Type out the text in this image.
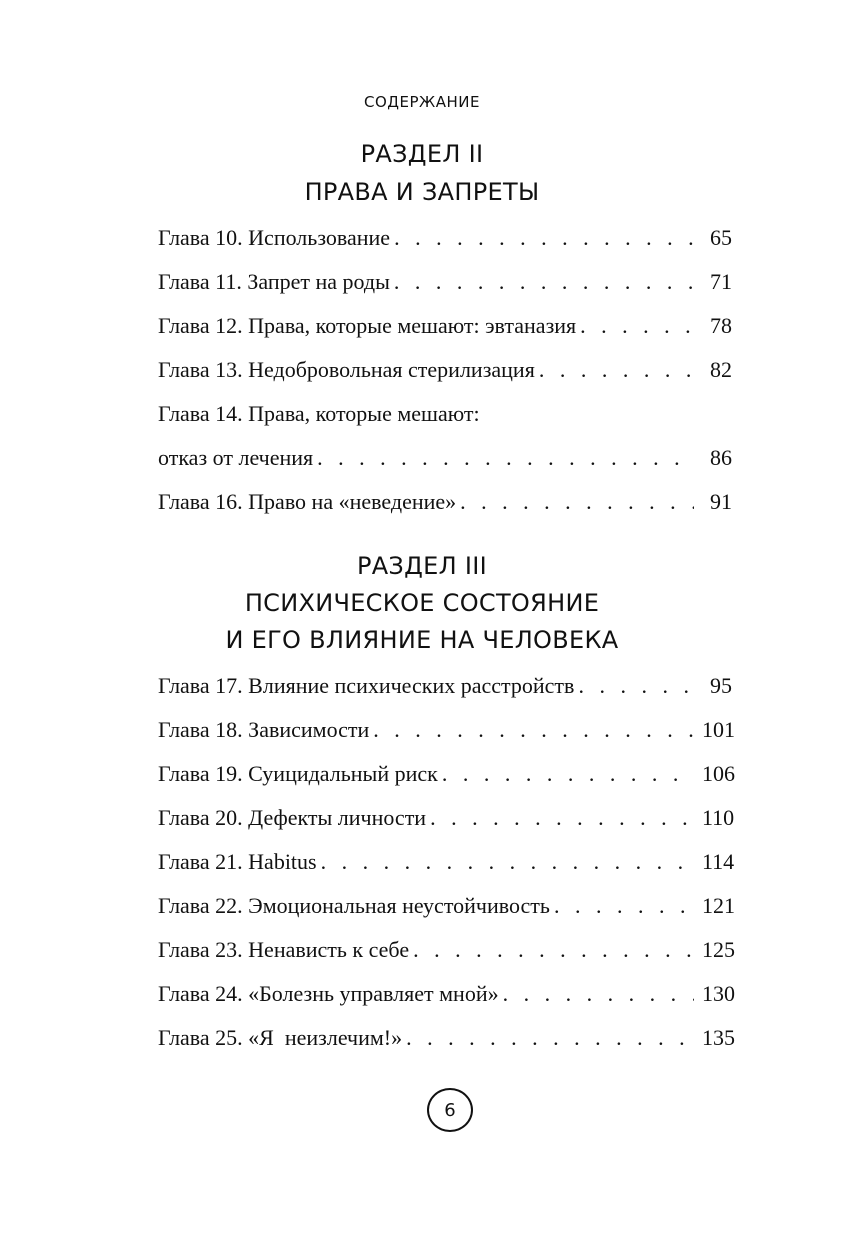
СОДЕРЖАНИЕ
РАЗДЕЛ II
ПРАВА И ЗАПРЕТЫ
Глава 10. Использование . . .	65
Глава 11. Запрет на роды . . .	71
Глава 12. Права, которые мешают: эвтаназия . . .	78
Глава 13. Недобровольная стерилизация . . .	82
Глава 14. Права, которые мешают:
отказ от лечения . . .	86
Глава 16. Право на «неведение» . . .	91
РАЗДЕЛ III
ПСИХИЧЕСКОЕ СОСТОЯНИЕ
И ЕГО ВЛИЯНИЕ НА ЧЕЛОВЕКА
Глава 17. Влияние психических расстройств . . .	95
Глава 18. Зависимости . . .	101
Глава 19. Суицидальный риск . . .	106
Глава 20. Дефекты личности . . .	110
Глава 21. Habitus . . .	114
Глава 22. Эмоциональная неустойчивость . . .	121
Глава 23. Ненависть к себе . . .	125
Глава 24. «Болезнь управляет мной» . . .	130
Глава 25. «Я  неизлечим!» . . .	135
6
